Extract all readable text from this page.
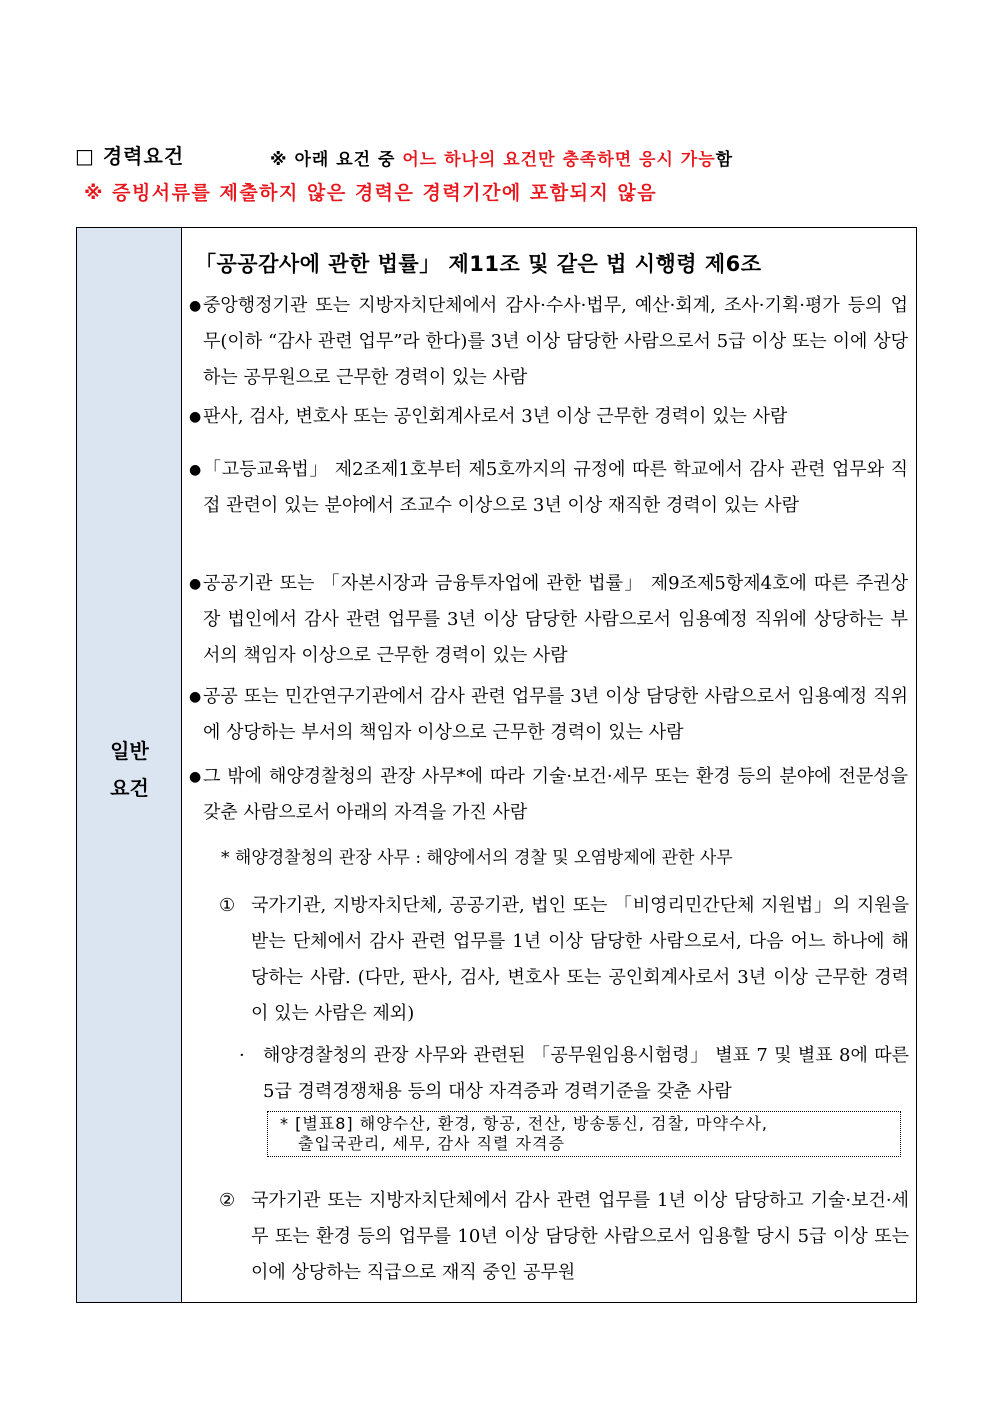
□ 경력요건	※ 아래 요건 중 어느 하나의 요건만 충족하면 응시 가능함
※ 증빙서류를 제출하지 않은 경력은 경력기간에 포함되지 않음
일반
요건
「공공감사에 관한 법률」 제11조 및 같은 법 시행령 제6조
● 중앙행정기관 또는 지방자치단체에서 감사·수사·법무, 예산·회계, 조사·기획·평가 등의 업무(이하 “감사 관련 업무”라 한다)를 3년 이상 담당한 사람으로서 5급 이상 또는 이에 상당하는 공무원으로 근무한 경력이 있는 사람
● 판사, 검사, 변호사 또는 공인회계사로서 3년 이상 근무한 경력이 있는 사람
● 「고등교육법」 제2조제1호부터 제5호까지의 규정에 따른 학교에서 감사 관련 업무와 직접 관련이 있는 분야에서 조교수 이상으로 3년 이상 재직한 경력이 있는 사람
● 공공기관 또는 「자본시장과 금융투자업에 관한 법률」 제9조제5항제4호에 따른 주권상장 법인에서 감사 관련 업무를 3년 이상 담당한 사람으로서 임용예정 직위에 상당하는 부서의 책임자 이상으로 근무한 경력이 있는 사람
● 공공 또는 민간연구기관에서 감사 관련 업무를 3년 이상 담당한 사람으로서 임용예정 직위에 상당하는 부서의 책임자 이상으로 근무한 경력이 있는 사람
● 그 밖에 해양경찰청의 관장 사무*에 따라 기술·보건·세무 또는 환경 등의 분야에 전문성을 갖춘 사람으로서 아래의 자격을 가진 사람
* 해양경찰청의 관장 사무 : 해양에서의 경찰 및 오염방제에 관한 사무
① 국가기관, 지방자치단체, 공공기관, 법인 또는 「비영리민간단체 지원법」의 지원을 받는 단체에서 감사 관련 업무를 1년 이상 담당한 사람으로서, 다음 어느 하나에 해당하는 사람. (다만, 판사, 검사, 변호사 또는 공인회계사로서 3년 이상 근무한 경력이 있는 사람은 제외)
·	해양경찰청의 관장 사무와 관련된 「공무원임용시험령」 별표 7 및 별표 8에 따른 5급 경력경쟁채용 등의 대상 자격증과 경력기준을 갖춘 사람
* [별표8] 해양수산, 환경, 항공, 전산, 방송통신, 검찰, 마약수사,
출입국관리, 세무, 감사 직렬 자격증
② 국가기관 또는 지방자치단체에서 감사 관련 업무를 1년 이상 담당하고 기술·보건·세무 또는 환경 등의 업무를 10년 이상 담당한 사람으로서 임용할 당시 5급 이상 또는 이에 상당하는 직급으로 재직 중인 공무원
